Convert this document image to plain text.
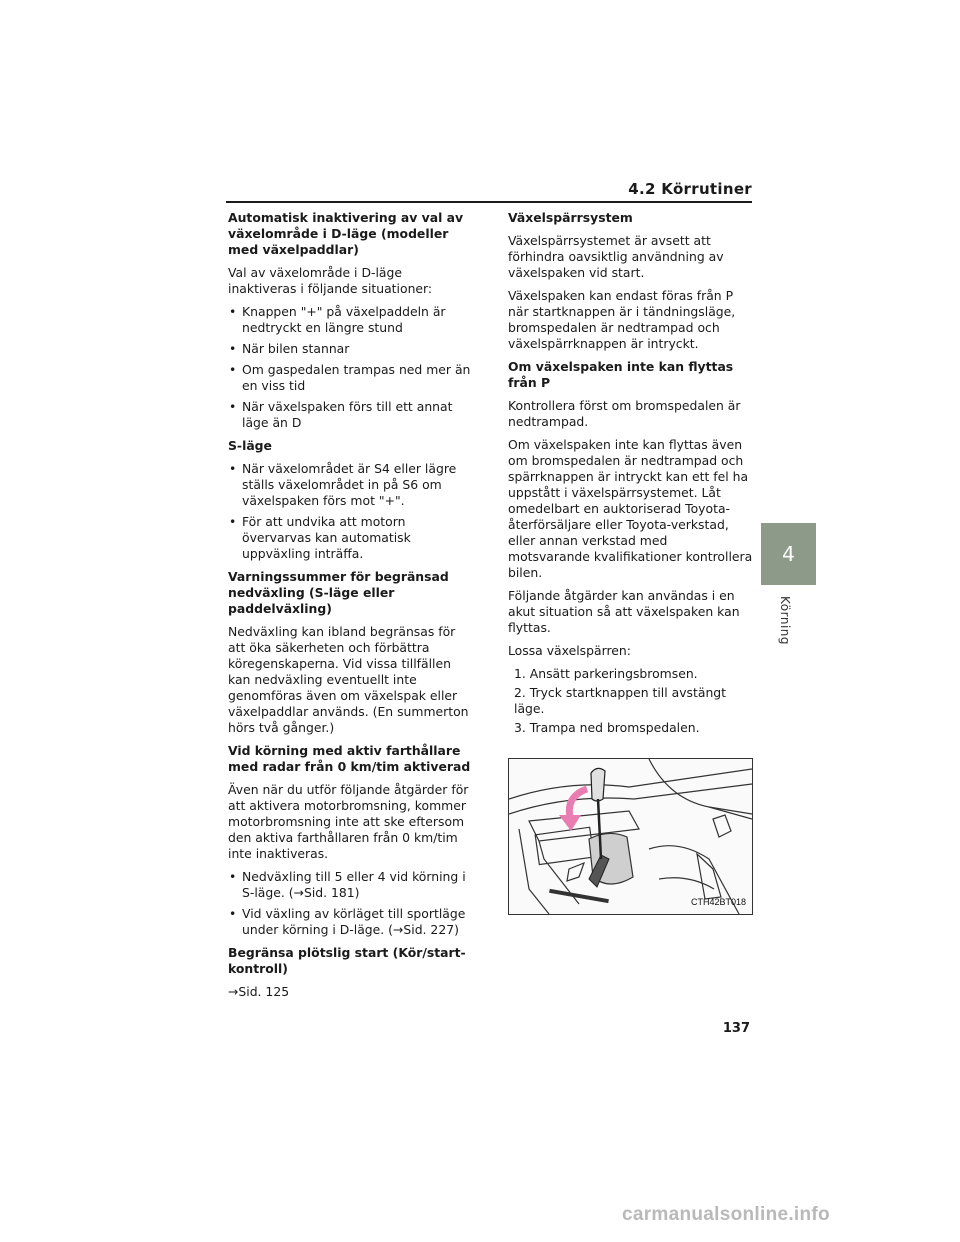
4.2 Körrutiner
Automatisk inaktivering av val av växelområde i D-läge (modeller med växelpaddlar)

Val av växelområde i D-läge inaktiveras i följande situationer:

• Knappen "+" på växelpaddeln är nedtryckt en längre stund
• När bilen stannar
• Om gaspedalen trampas ned mer än en viss tid
• När växelspaken förs till ett annat läge än D
S-läge
• När växelområdet är S4 eller lägre ställs växelområdet in på S6 om växelspaken förs mot "+".
• För att undvika att motorn övervarvas kan automatisk uppväxling inträffa.
Varningssummer för begränsad nedväxling (S-läge eller paddelväxling)

Nedväxling kan ibland begränsas för att öka säkerheten och förbättra köregenskaperna. Vid vissa tillfällen kan nedväxling eventuellt inte genomföras även om växelspak eller växelpaddlar används. (En summerton hörs två gånger.)

Vid körning med aktiv farthållare med radar från 0 km/tim aktiverad

Även när du utför följande åtgärder för att aktivera motorbromsning, kommer motorbromsning inte att ske eftersom den aktiva farthållaren från 0 km/tim inte inaktiveras.

• Nedväxling till 5 eller 4 vid körning i S-läge. (→Sid. 181)
• Vid växling av körläget till sportläge under körning i D-läge. (→Sid. 227)
Begränsa plötslig start (Kör/start-kontroll)

→Sid. 125

Växelspärrsystem

Växelspärrsystemet är avsett att förhindra oavsiktlig användning av växelspaken vid start.

Växelspaken kan endast föras från P när startknappen är i tändningsläge, bromspedalen är nedtrampad och växelspärrknappen är intryckt.

Om växelspaken inte kan flyttas från P

Kontrollera först om bromspedalen är nedtrampad.

Om växelspaken inte kan flyttas även om bromspedalen är nedtrampad och spärrknappen är intryckt kan ett fel ha uppstått i växelspärrsystemet. Låt omedelbart en auktoriserad Toyota-återförsäljare eller Toyota-verkstad, eller annan verkstad med motsvarande kvalifikationer kontrollera bilen.

Följande åtgärder kan användas i en akut situation så att växelspaken kan flyttas.

Lossa växelspärren:

1. Ansätt parkeringsbromsen.
2. Tryck startknappen till avstängt läge.
3. Trampa ned bromspedalen.
CTH42BT018
4
Körning
137
carmanualsonline.info
